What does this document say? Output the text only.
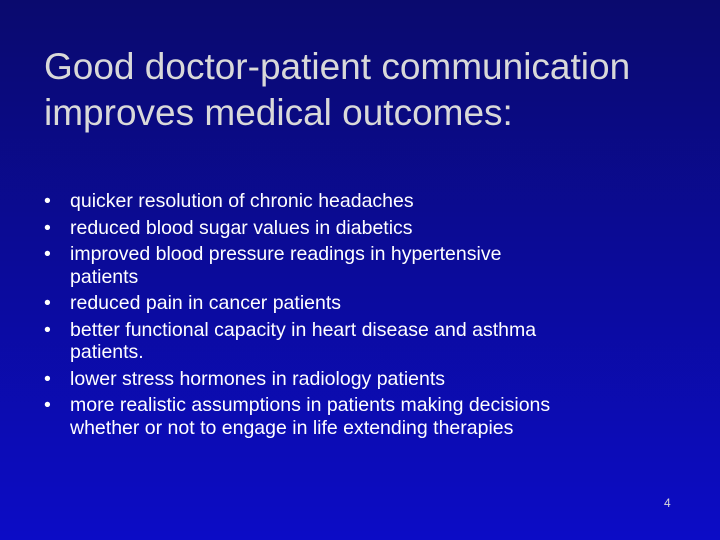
Good doctor-patient communication
improves medical outcomes:
• quicker resolution of chronic headaches
• reduced blood sugar values in diabetics
• improved blood pressure readings in hypertensive
patients
• reduced pain in cancer patients
• better functional capacity in heart disease and asthma
patients.
• lower stress hormones in radiology patients
• more realistic assumptions in patients making decisions
whether or not to engage in life extending therapies
4
